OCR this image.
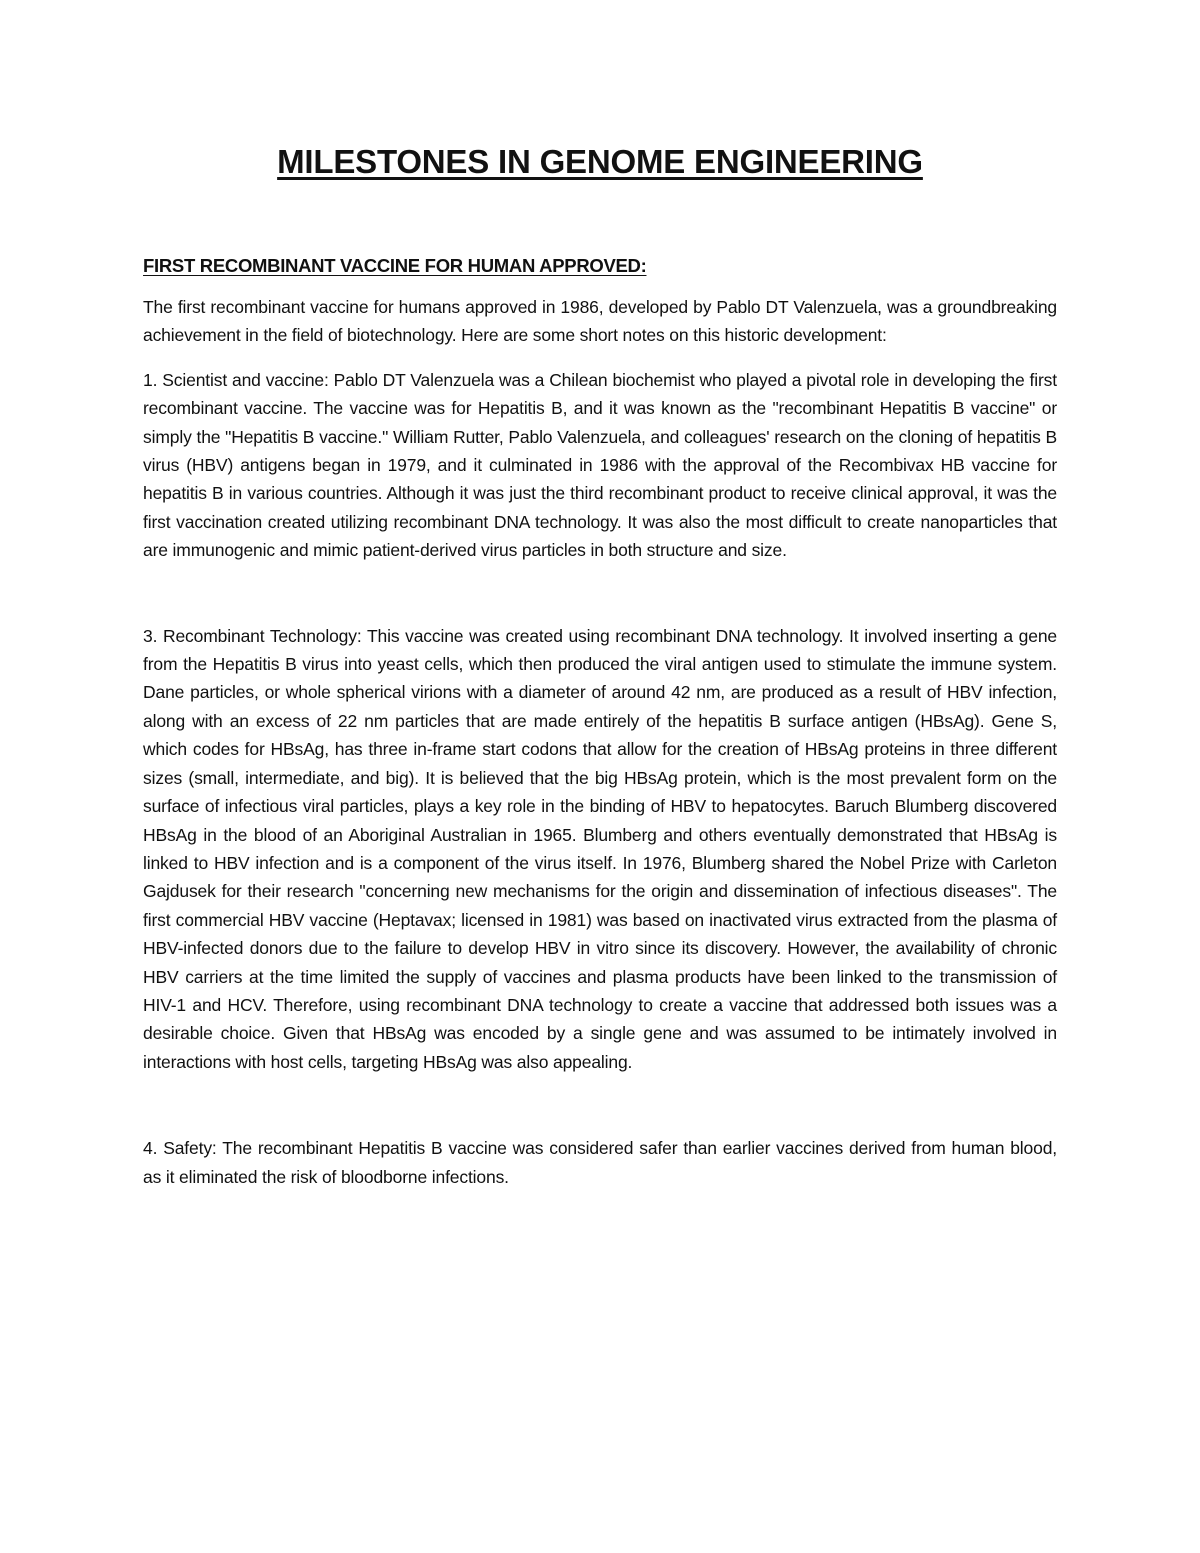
MILESTONES IN GENOME ENGINEERING
FIRST RECOMBINANT VACCINE FOR HUMAN APPROVED:

The first recombinant vaccine for humans approved in 1986, developed by Pablo DT Valenzuela, was a groundbreaking achievement in the field of biotechnology. Here are some short notes on this historic development:

1. Scientist and vaccine: Pablo DT Valenzuela was a Chilean biochemist who played a pivotal role in developing the first recombinant vaccine. The vaccine was for Hepatitis B, and it was known as the "recombinant Hepatitis B vaccine" or simply the "Hepatitis B vaccine." William Rutter, Pablo Valenzuela, and colleagues' research on the cloning of hepatitis B virus (HBV) antigens began in 1979, and it culminated in 1986 with the approval of the Recombivax HB vaccine for hepatitis B in various countries. Although it was just the third recombinant product to receive clinical approval, it was the first vaccination created utilizing recombinant DNA technology. It was also the most difficult to create nanoparticles that are immunogenic and mimic patient-derived virus particles in both structure and size.

3. Recombinant Technology: This vaccine was created using recombinant DNA technology. It involved inserting a gene from the Hepatitis B virus into yeast cells, which then produced the viral antigen used to stimulate the immune system. Dane particles, or whole spherical virions with a diameter of around 42 nm, are produced as a result of HBV infection, along with an excess of 22 nm particles that are made entirely of the hepatitis B surface antigen (HBsAg). Gene S, which codes for HBsAg, has three in-frame start codons that allow for the creation of HBsAg proteins in three different sizes (small, intermediate, and big). It is believed that the big HBsAg protein, which is the most prevalent form on the surface of infectious viral particles, plays a key role in the binding of HBV to hepatocytes. Baruch Blumberg discovered HBsAg in the blood of an Aboriginal Australian in 1965. Blumberg and others eventually demonstrated that HBsAg is linked to HBV infection and is a component of the virus itself. In 1976, Blumberg shared the Nobel Prize with Carleton Gajdusek for their research "concerning new mechanisms for the origin and dissemination of infectious diseases". The first commercial HBV vaccine (Heptavax; licensed in 1981) was based on inactivated virus extracted from the plasma of HBV-infected donors due to the failure to develop HBV in vitro since its discovery. However, the availability of chronic HBV carriers at the time limited the supply of vaccines and plasma products have been linked to the transmission of HIV-1 and HCV. Therefore, using recombinant DNA technology to create a vaccine that addressed both issues was a desirable choice. Given that HBsAg was encoded by a single gene and was assumed to be intimately involved in interactions with host cells, targeting HBsAg was also appealing.

4. Safety: The recombinant Hepatitis B vaccine was considered safer than earlier vaccines derived from human blood, as it eliminated the risk of bloodborne infections.
